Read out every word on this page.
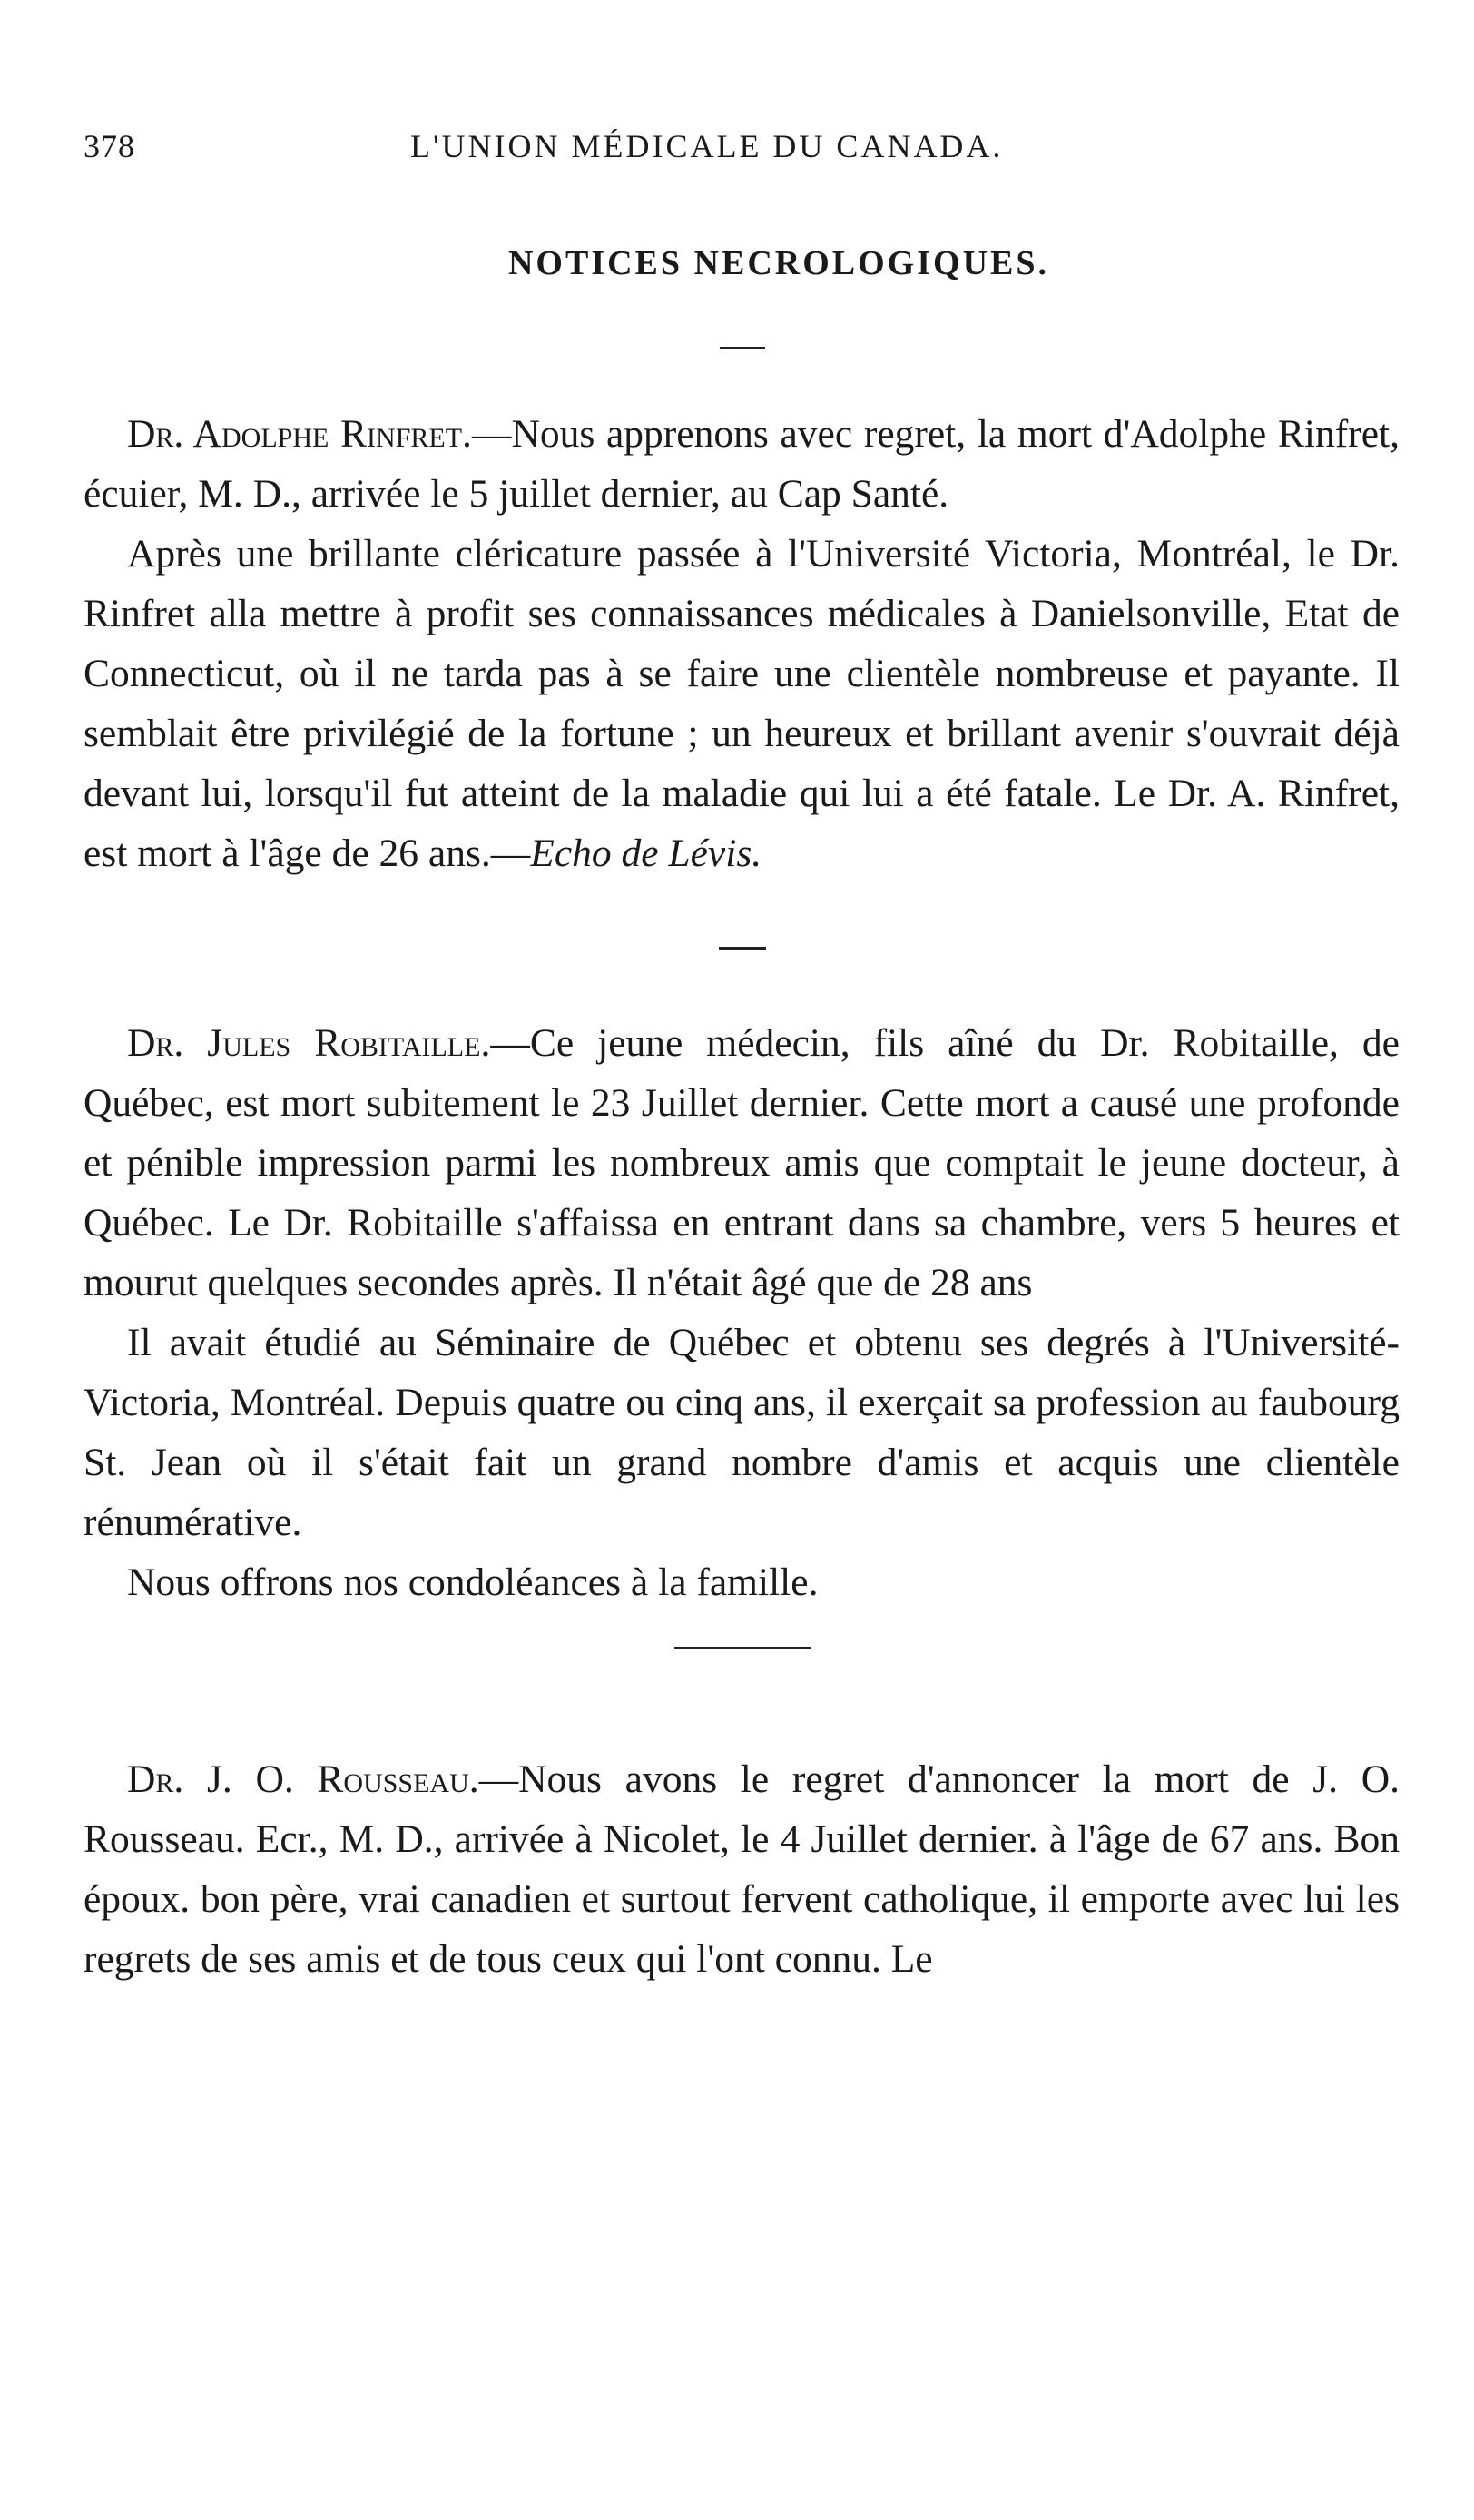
378	L'UNION MÉDICALE DU CANADA.
NOTICES NECROLOGIQUES.

Dr. Adolphe Rinfret.—Nous apprenons avec regret, la mort d'Adolphe Rinfret, écuier, M. D., arrivée le 5 juillet dernier, au Cap Santé.

Après une brillante cléricature passée à l'Université Victoria, Montréal, le Dr. Rinfret alla mettre à profit ses connaissances médicales à Danielsonville, Etat de Connecticut, où il ne tarda pas à se faire une clientèle nombreuse et payante. Il semblait être privilégié de la fortune ; un heureux et brillant avenir s'ouvrait déjà devant lui, lorsqu'il fut atteint de la maladie qui lui a été fatale. Le Dr. A. Rinfret, est mort à l'âge de 26 ans.—Echo de Lévis.

Dr. Jules Robitaille.—Ce jeune médecin, fils aîné du Dr. Robitaille, de Québec, est mort subitement le 23 Juillet dernier. Cette mort a causé une profonde et pénible impression parmi les nombreux amis que comptait le jeune docteur, à Québec. Le Dr. Robitaille s'affaissa en entrant dans sa chambre, vers 5 heures et mourut quelques secondes après. Il n'était âgé que de 28 ans

Il avait étudié au Séminaire de Québec et obtenu ses degrés à l'Université-Victoria, Montréal. Depuis quatre ou cinq ans, il exerçait sa profession au faubourg St. Jean où il s'était fait un grand nombre d'amis et acquis une clientèle rénumérative.

Nous offrons nos condoléances à la famille.

Dr. J. O. Rousseau.—Nous avons le regret d'annoncer la mort de J. O. Rousseau. Ecr., M. D., arrivée à Nicolet, le 4 Juillet dernier. à l'âge de 67 ans. Bon époux. bon père, vrai canadien et surtout fervent catholique, il emporte avec lui les regrets de ses amis et de tous ceux qui l'ont connu. Le
